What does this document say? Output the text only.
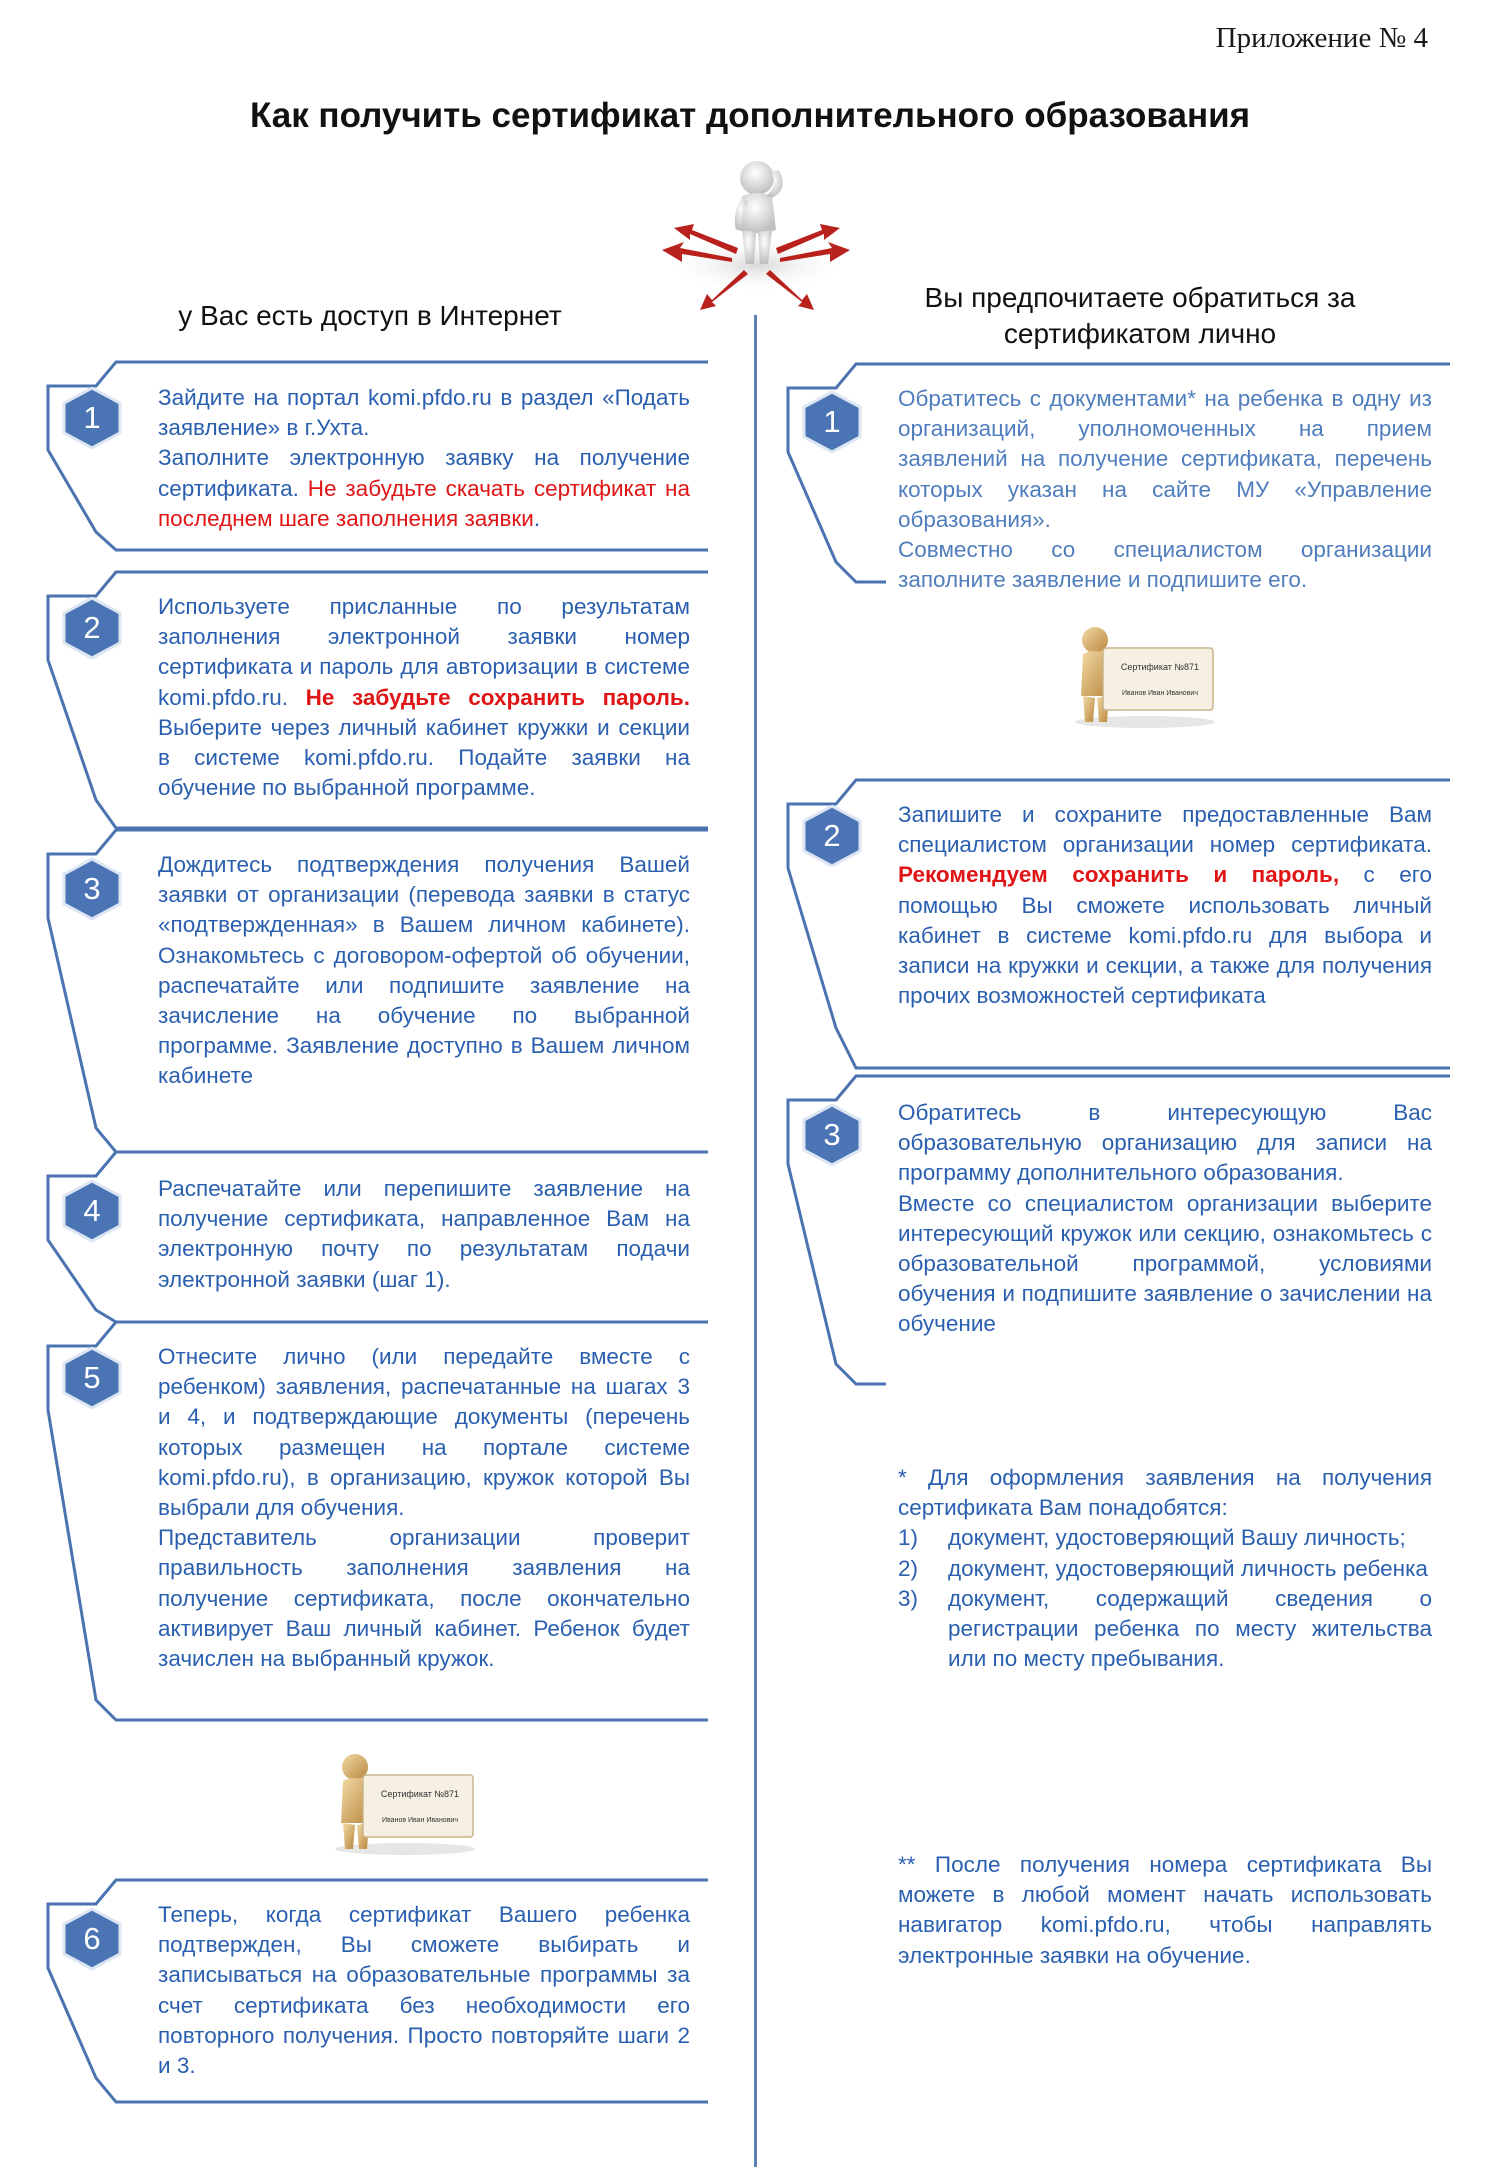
Приложение № 4
Как получить сертификат дополнительного образования
у Вас есть доступ в Интернет
Вы предпочитаете обратиться за
сертификатом лично
1
Зайдите на портал komi.pfdo.ru в раздел «Подать заявление» в г.Ухта.
Заполните электронную заявку на получение сертификата. Не забудьте скачать сертификат на последнем шаге заполнения заявки.
2
Используете присланные по результатам заполнения электронной заявки номер сертификата и пароль для авторизации в системе komi.pfdo.ru. Не забудьте сохранить пароль. Выберите через личный кабинет кружки и секции в системе komi.pfdo.ru. Подайте заявки на обучение по выбранной программе.
3
Дождитесь подтверждения получения Вашей заявки от организации (перевода заявки в статус «подтвержденная» в Вашем личном кабинете). Ознакомьтесь с договором-офертой об обучении, распечатайте или подпишите заявление на зачисление на обучение по выбранной программе. Заявление доступно в Вашем личном кабинете
4
Распечатайте или перепишите заявление на получение сертификата, направленное Вам на электронную почту по результатам подачи электронной заявки (шаг 1).
5
Отнесите лично (или передайте вместе с ребенком) заявления, распечатанные на шагах 3 и 4, и подтверждающие документы (перечень которых размещен на портале системе komi.pfdo.ru), в организацию, кружок которой Вы выбрали для обучения.
Представитель организации проверит правильность заполнения заявления на получение сертификата, после окончательно активирует Ваш личный кабинет. Ребенок будет зачислен на выбранный кружок.
Сертификат №871
Иванов Иван Иванович
6
Теперь, когда сертификат Вашего ребенка подтвержден, Вы сможете выбирать и записываться на образовательные программы за счет сертификата без необходимости его повторного получения. Просто повторяйте шаги 2 и 3.
1
Обратитесь с документами* на ребенка в одну из организаций, уполномоченных на прием заявлений на получение сертификата, перечень которых указан на сайте МУ «Управление образования».
Совместно со специалистом организации заполните заявление и подпишите его.
Сертификат №871
Иванов Иван Иванович
2
Запишите и сохраните предоставленные Вам специалистом организации номер сертификата. Рекомендуем сохранить и пароль, с его помощью Вы сможете использовать личный кабинет в системе komi.pfdo.ru для выбора и записи на кружки и секции, а также для получения прочих возможностей сертификата
3
Обратитесь в интересующую Вас образовательную организацию для записи на программу дополнительного образования.
Вместе со специалистом организации выберите интересующий кружок или секцию, ознакомьтесь с образовательной программой, условиями обучения и подпишите заявление о зачислении на обучение
* Для оформления заявления на получения сертификата Вам понадобятся:
1) документ, удостоверяющий Вашу личность;
2) документ, удостоверяющий личность ребенка
3) документ, содержащий сведения о регистрации ребенка по месту жительства или по месту пребывания.
** После получения номера сертификата Вы можете в любой момент начать использовать навигатор komi.pfdo.ru, чтобы направлять электронные заявки на обучение.
